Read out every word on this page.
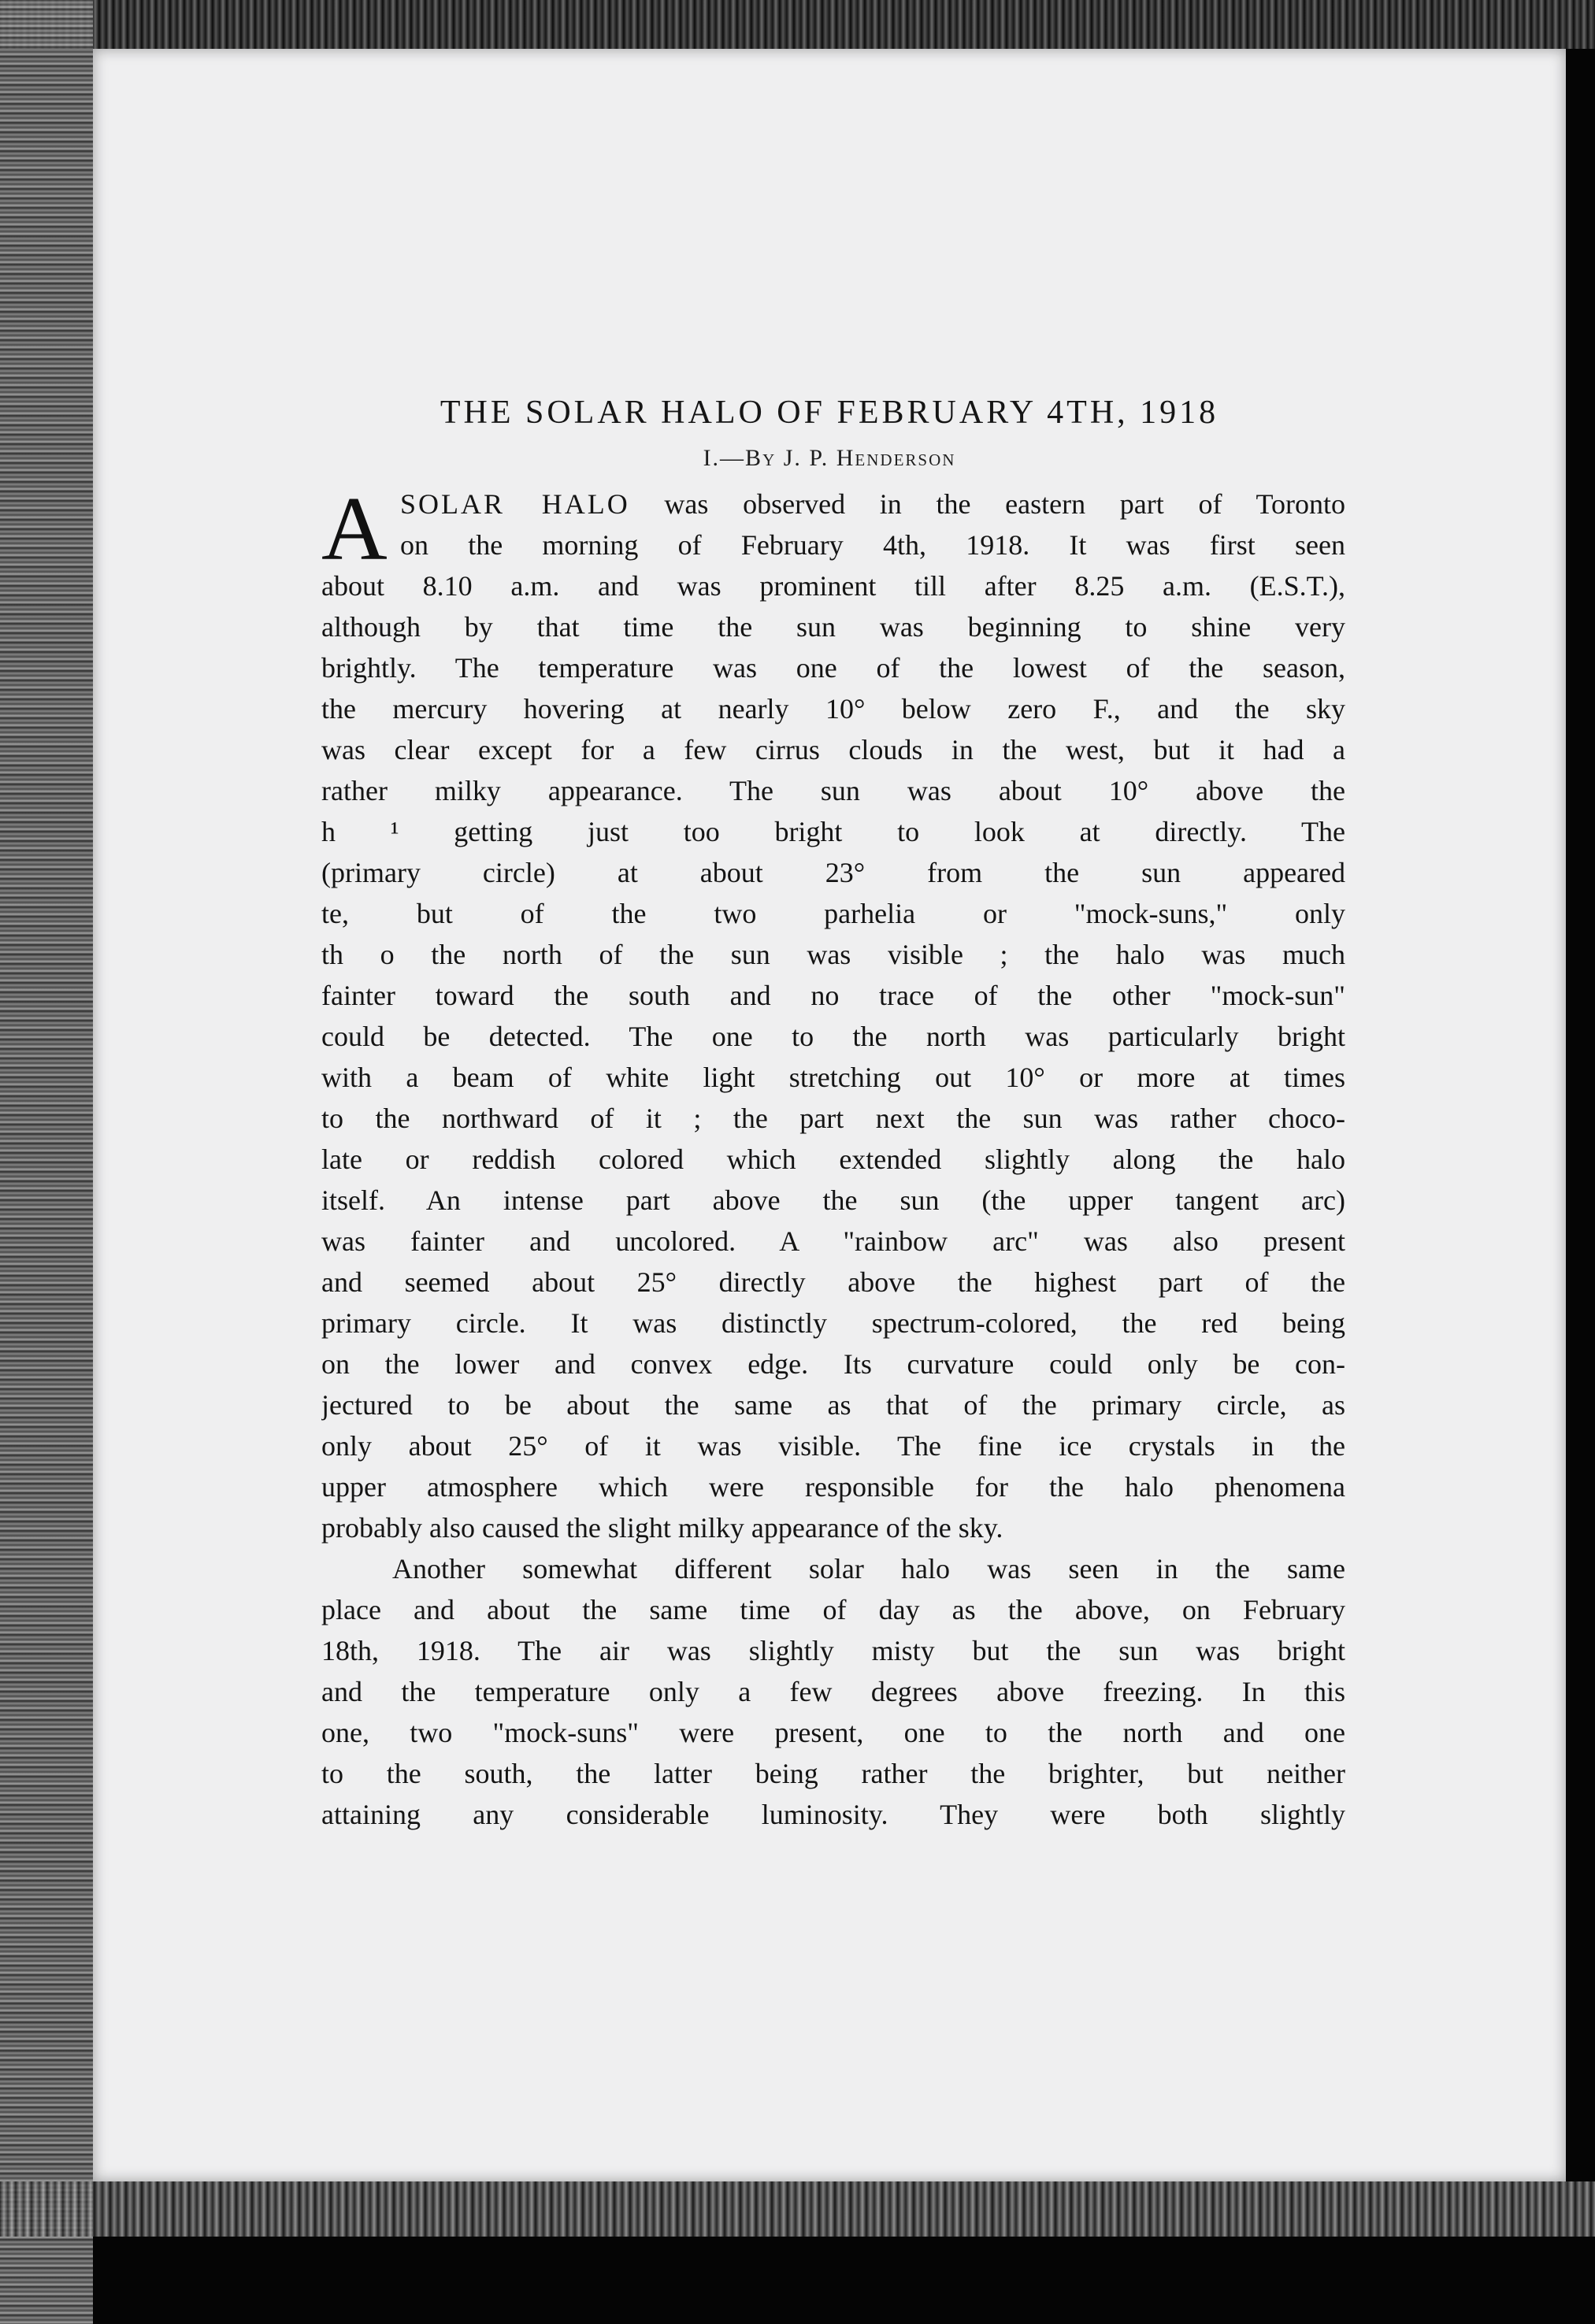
THE SOLAR HALO OF FEBRUARY 4TH, 1918
I.—By J. P. Henderson
A SOLAR HALO was observed in the eastern part of Toronto
on the morning of February 4th, 1918. It was first seen
about 8.10 a.m. and was prominent till after 8.25 a.m. (E.S.T.),
although by that time the sun was beginning to shine very
brightly. The temperature was one of the lowest of the season,
the mercury hovering at nearly 10° below zero F., and the sky
was clear except for a few cirrus clouds in the west, but it had a
rather milky appearance. The sun was about 10° above the
h ¹ getting just too bright to look at directly. The
(primary circle) at about 23° from the sun appeared
te, but of the two parhelia or "mock-suns," only
th o the north of the sun was visible ; the halo was much
fainter toward the south and no trace of the other "mock-sun"
could be detected. The one to the north was particularly bright
with a beam of white light stretching out 10° or more at times
to the northward of it ; the part next the sun was rather choco-
late or reddish colored which extended slightly along the halo
itself. An intense part above the sun (the upper tangent arc)
was fainter and uncolored. A "rainbow arc" was also present
and seemed about 25° directly above the highest part of the
primary circle. It was distinctly spectrum-colored, the red being
on the lower and convex edge. Its curvature could only be con-
jectured to be about the same as that of the primary circle, as
only about 25° of it was visible. The fine ice crystals in the
upper atmosphere which were responsible for the halo phenomena
probably also caused the slight milky appearance of the sky.
Another somewhat different solar halo was seen in the same
place and about the same time of day as the above, on February
18th, 1918. The air was slightly misty but the sun was bright
and the temperature only a few degrees above freezing. In this
one, two "mock-suns" were present, one to the north and one
to the south, the latter being rather the brighter, but neither
attaining any considerable luminosity. They were both slightly
